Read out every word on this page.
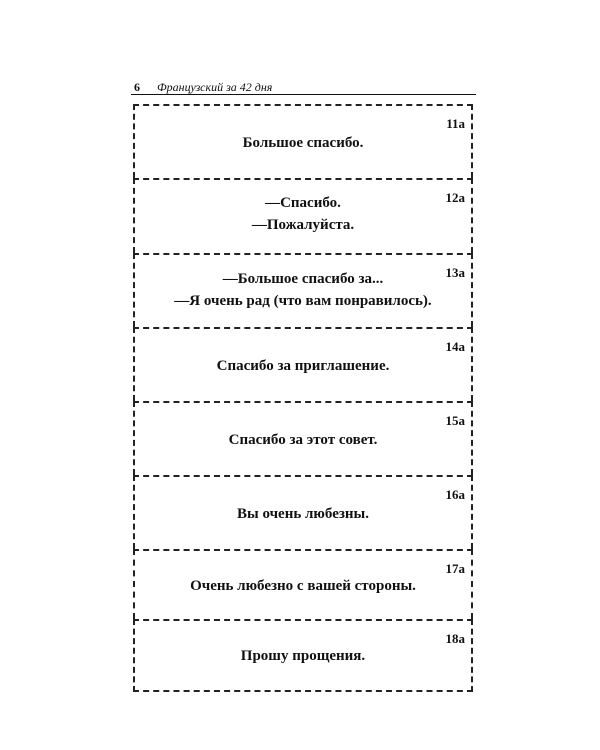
6 Французский за 42 дня
11а
Большое спасибо.
12а
—Спасибо.
—Пожалуйста.
13а
—Большое спасибо за...
—Я очень рад (что вам понравилось).
14а
Спасибо за приглашение.
15а
Спасибо за этот совет.
16а
Вы очень любезны.
17а
Очень любезно с вашей стороны.
18а
Прошу прощения.
